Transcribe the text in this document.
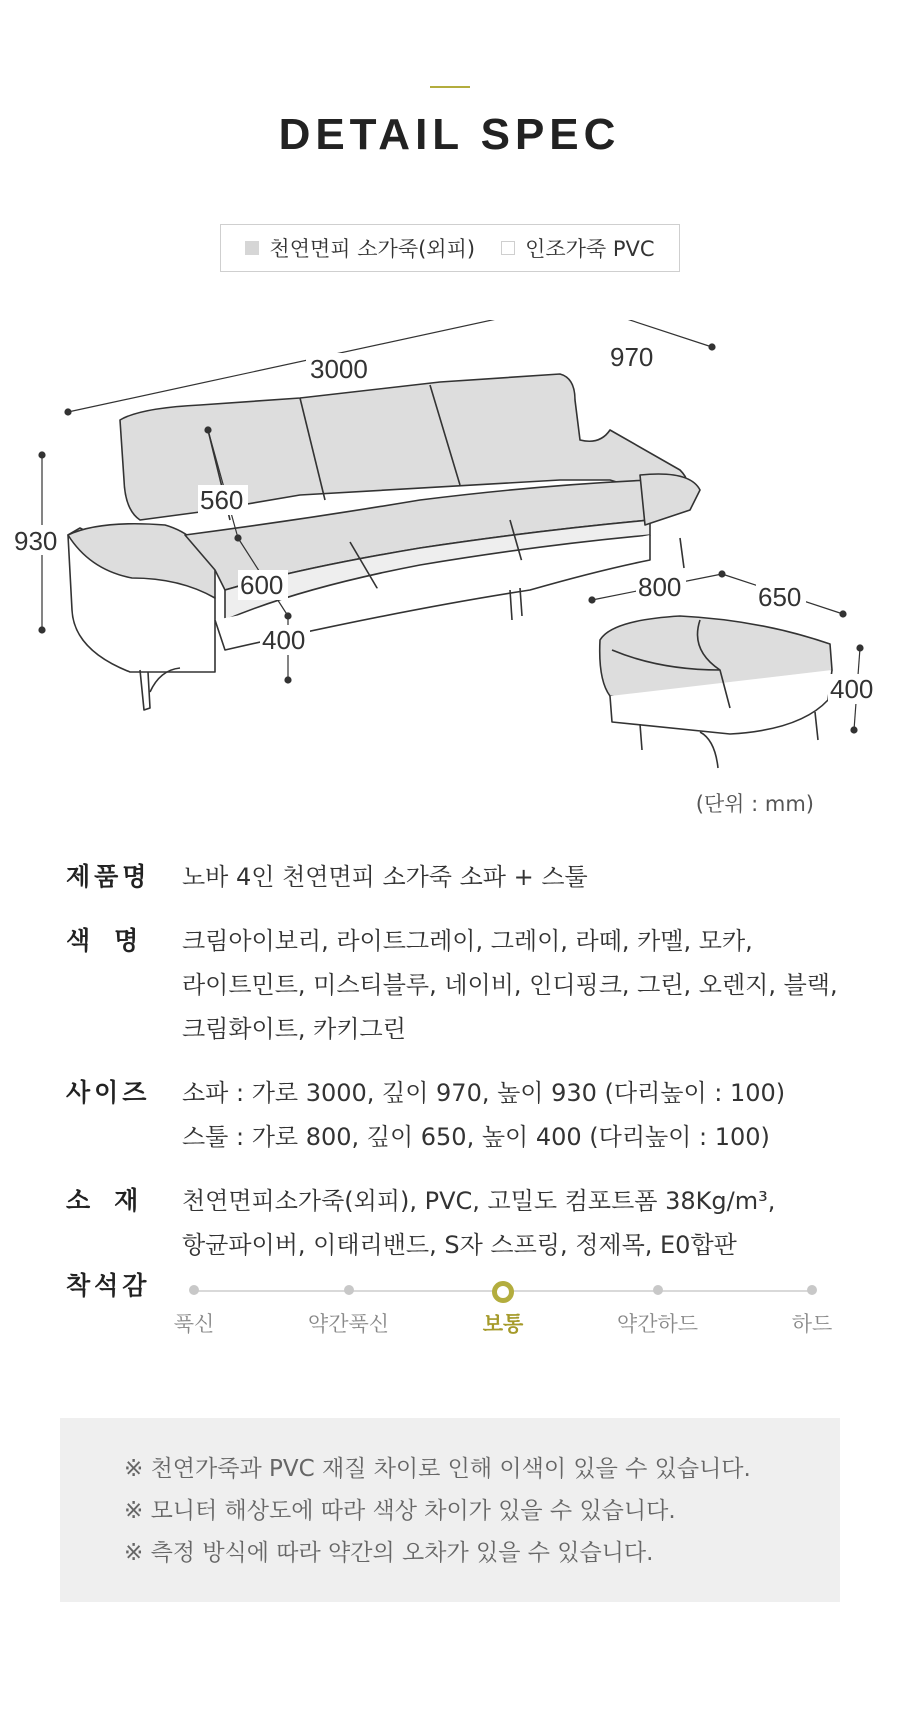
DETAIL SPEC
천연면피 소가죽(외피) 인조가죽 PVC
3000	970
930
560
600
400
800	650
400
(단위 : mm)
제품명	노바 4인 천연면피 소가죽 소파 + 스툴
색명 크림아이보리, 라이트그레이, 그레이, 라떼, 카멜, 모카,
라이트민트, 미스티블루, 네이비, 인디핑크, 그린, 오렌지, 블랙,
크림화이트, 카키그린
사이즈	소파 : 가로 3000, 깊이 970, 높이 930 (다리높이 : 100)
스툴 : 가로 800, 깊이 650, 높이 400 (다리높이 : 100)
소재 천연면피소가죽(외피), PVC, 고밀도 컴포트폼 38Kg/m³,
항균파이버, 이태리밴드, S자 스프링, 정제목, E0합판
착석감
푹신	약간푹신	보통	약간하드	하드
※ 천연가죽과 PVC 재질 차이로 인해 이색이 있을 수 있습니다.
※ 모니터 해상도에 따라 색상 차이가 있을 수 있습니다.
※ 측정 방식에 따라 약간의 오차가 있을 수 있습니다.
